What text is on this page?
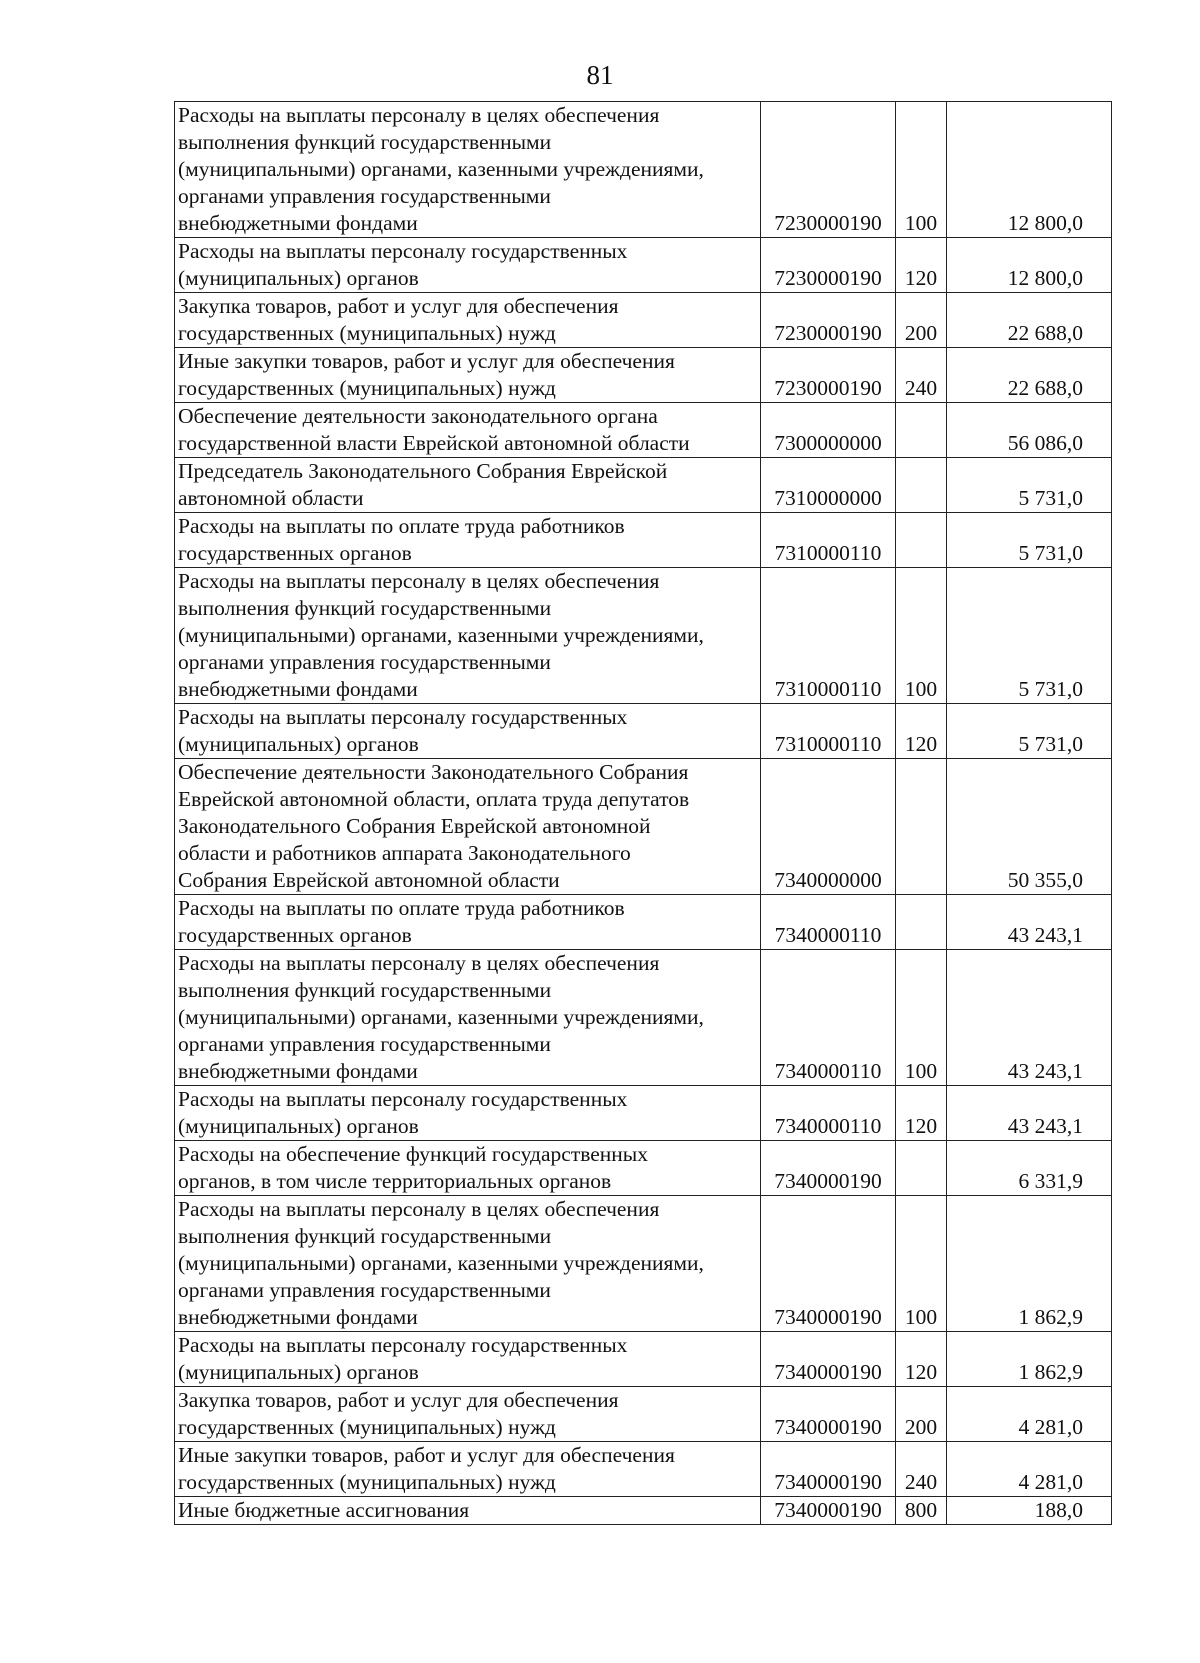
81
Расходы на выплаты персоналу в целях обеспечения
выполнения функций государственными
(муниципальными) органами, казенными учреждениями,
органами управления государственными
внебюджетными фондами	7230000190	100	12 800,0
Расходы на выплаты персоналу государственных
(муниципальных) органов	7230000190	120	12 800,0
Закупка товаров, работ и услуг для обеспечения
государственных (муниципальных) нужд	7230000190	200	22 688,0
Иные закупки товаров, работ и услуг для обеспечения
государственных (муниципальных) нужд	7230000190	240	22 688,0
Обеспечение деятельности законодательного органа
государственной власти Еврейской автономной области	7300000000		56 086,0
Председатель Законодательного Собрания Еврейской
автономной области	7310000000		5 731,0
Расходы на выплаты по оплате труда работников
государственных органов	7310000110		5 731,0
Расходы на выплаты персоналу в целях обеспечения
выполнения функций государственными
(муниципальными) органами, казенными учреждениями,
органами управления государственными
внебюджетными фондами	7310000110	100	5 731,0
Расходы на выплаты персоналу государственных
(муниципальных) органов	7310000110	120	5 731,0
Обеспечение деятельности Законодательного Собрания
Еврейской автономной области, оплата труда депутатов
Законодательного Собрания Еврейской автономной
области и работников аппарата Законодательного
Собрания Еврейской автономной области	7340000000		50 355,0
Расходы на выплаты по оплате труда работников
государственных органов	7340000110		43 243,1
Расходы на выплаты персоналу в целях обеспечения
выполнения функций государственными
(муниципальными) органами, казенными учреждениями,
органами управления государственными
внебюджетными фондами	7340000110	100	43 243,1
Расходы на выплаты персоналу государственных
(муниципальных) органов	7340000110	120	43 243,1
Расходы на обеспечение функций государственных
органов, в том числе территориальных органов	7340000190		6 331,9
Расходы на выплаты персоналу в целях обеспечения
выполнения функций государственными
(муниципальными) органами, казенными учреждениями,
органами управления государственными
внебюджетными фондами	7340000190	100	1 862,9
Расходы на выплаты персоналу государственных
(муниципальных) органов	7340000190	120	1 862,9
Закупка товаров, работ и услуг для обеспечения
государственных (муниципальных) нужд	7340000190	200	4 281,0
Иные закупки товаров, работ и услуг для обеспечения
государственных (муниципальных) нужд	7340000190	240	4 281,0
Иные бюджетные ассигнования	7340000190	800	188,0
